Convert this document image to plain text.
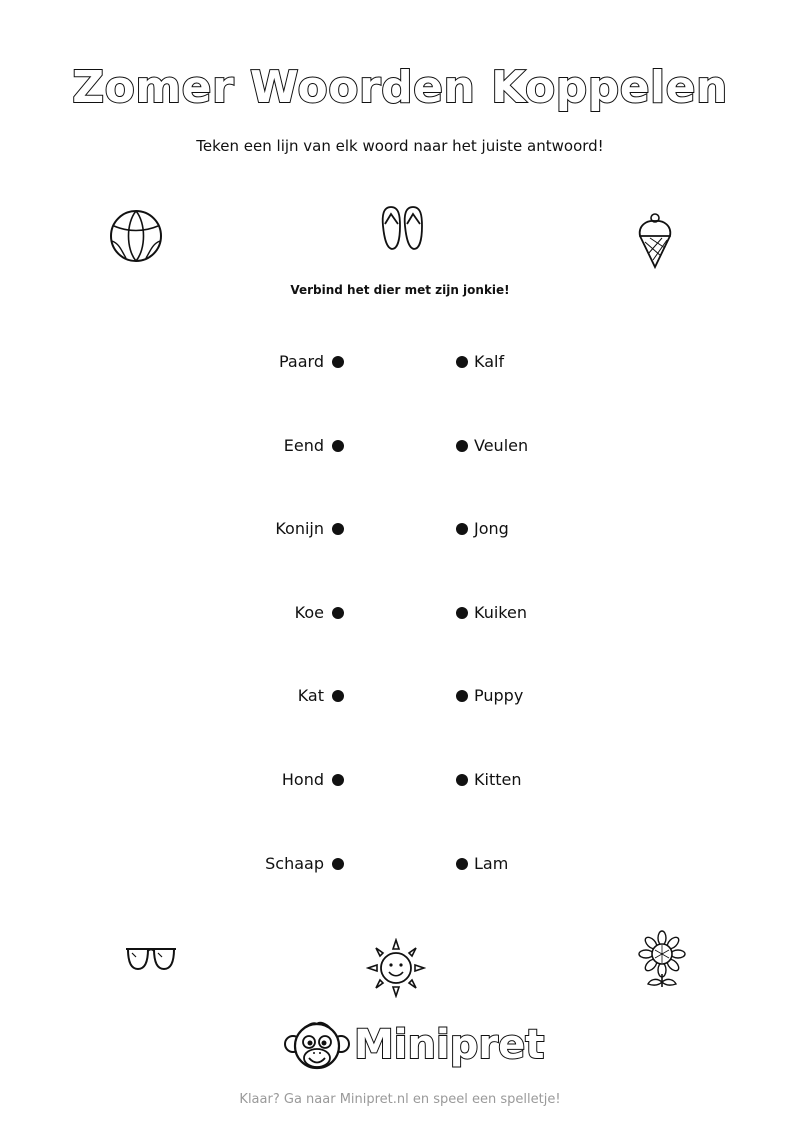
Zomer Woorden Koppelen
Teken een lijn van elk woord naar het juiste antwoord!
Verbind het dier met zijn jonkie!
Paard	Kalf
Eend	Veulen
Konijn	Jong
Koe	Kuiken
Kat	Puppy
Hond	Kitten
Schaap	Lam
Minipret
Klaar? Ga naar Minipret.nl en speel een spelletje!
